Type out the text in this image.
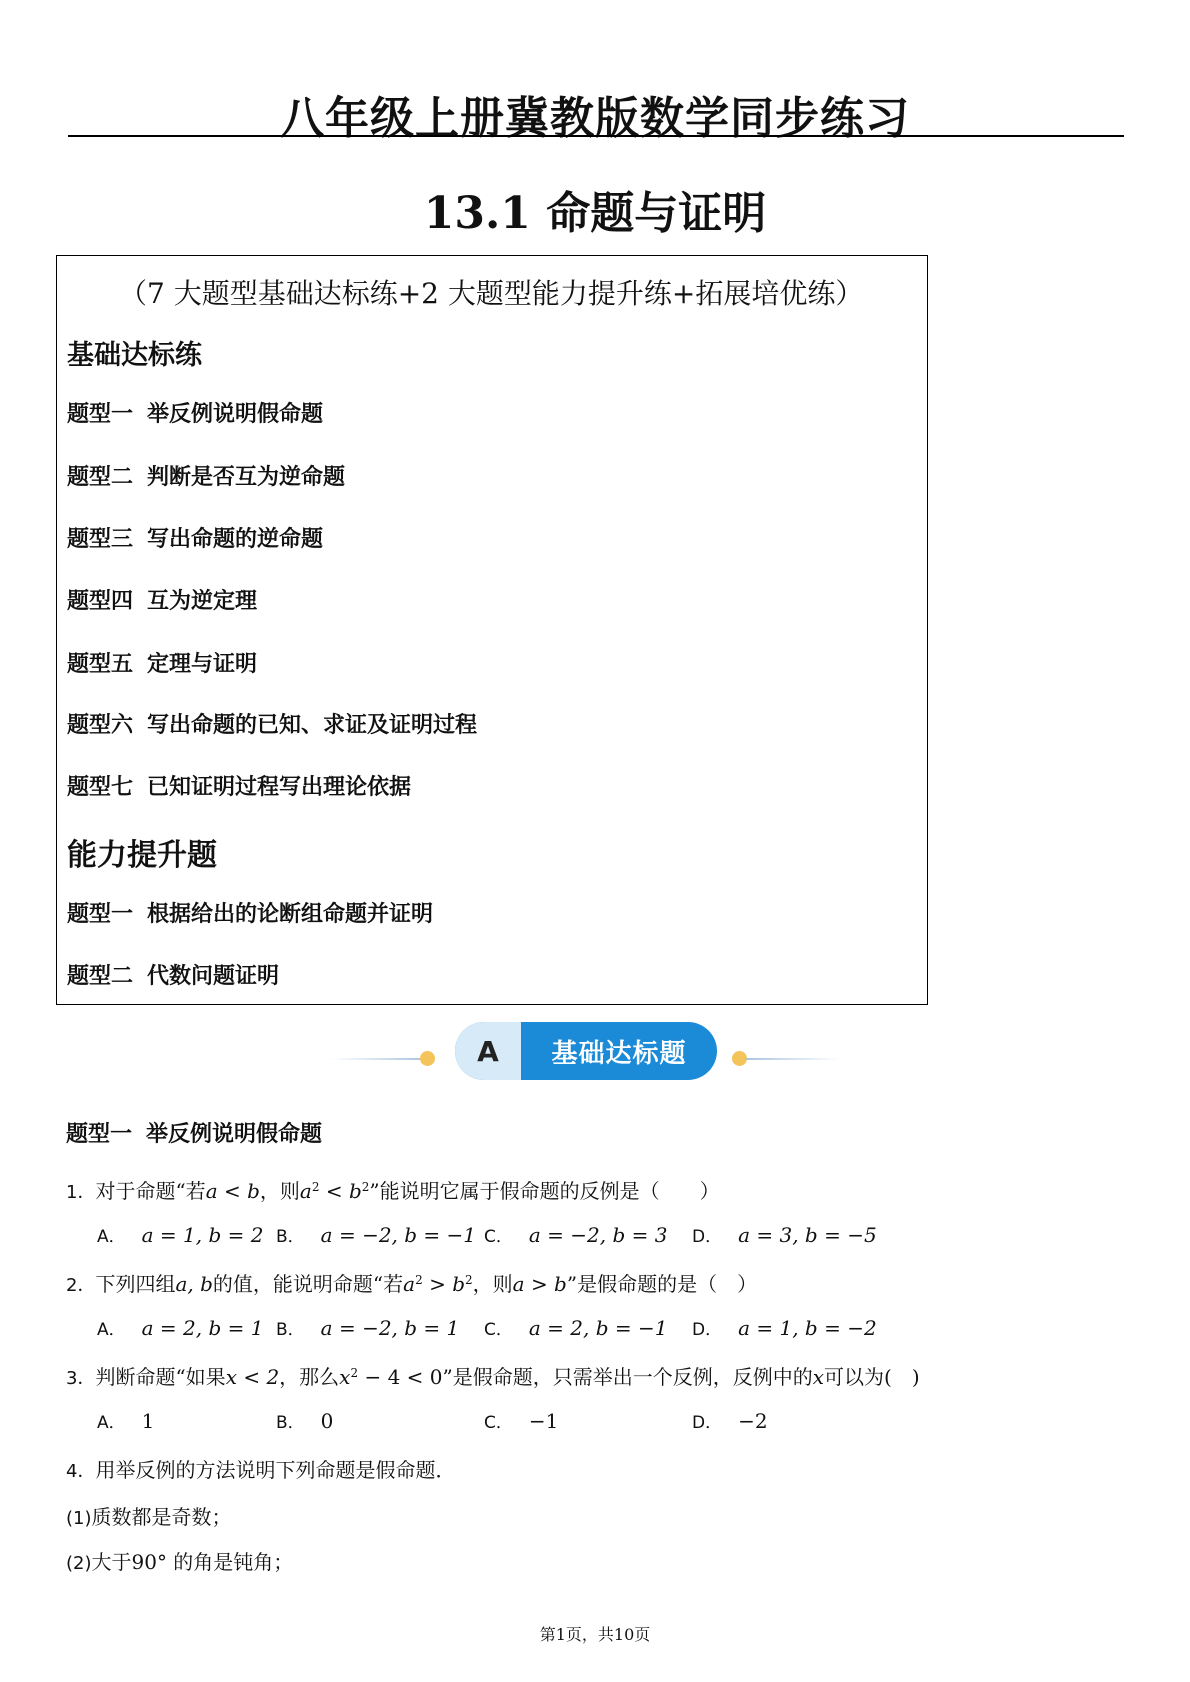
八年级上册冀教版数学同步练习
13.1 命题与证明
（7 大题型基础达标练+2 大题型能力提升练+拓展培优练）
基础达标练
题型一 举反例说明假命题
题型二 判断是否互为逆命题
题型三 写出命题的逆命题
题型四 互为逆定理
题型五 定理与证明
题型六 写出命题的已知、求证及证明过程
题型七 已知证明过程写出理论依据
能力提升题
题型一 根据给出的论断组命题并证明
题型二 代数问题证明
A	基础达标题
题型一 举反例说明假命题
1．对于命题“若a < b，则$a^2 < b^2$”能说明它属于假命题的反例是（　　）
A． a = 1, b = 2 B． a = −2, b = −1 C． a = −2, b = 3 D． a = 3, b = −5
2．下列四组a, b的值，能说明命题“若$a^2 > b^2$，则a > b”是假命题的是（　）
A． a = 2, b = 1 B． a = −2, b = 1 C． a = 2, b = −1 D． a = 1, b = −2
3．判断命题“如果x < 2，那么$x^2 - 4 < 0$”是假命题，只需举出一个反例，反例中的x可以为(　)
A． 1	B． 0	C． −1	D． −2
4．用举反例的方法说明下列命题是假命题．
(1)质数都是奇数；
(2)大于90° 的角是钝角；
第1页，共10页
